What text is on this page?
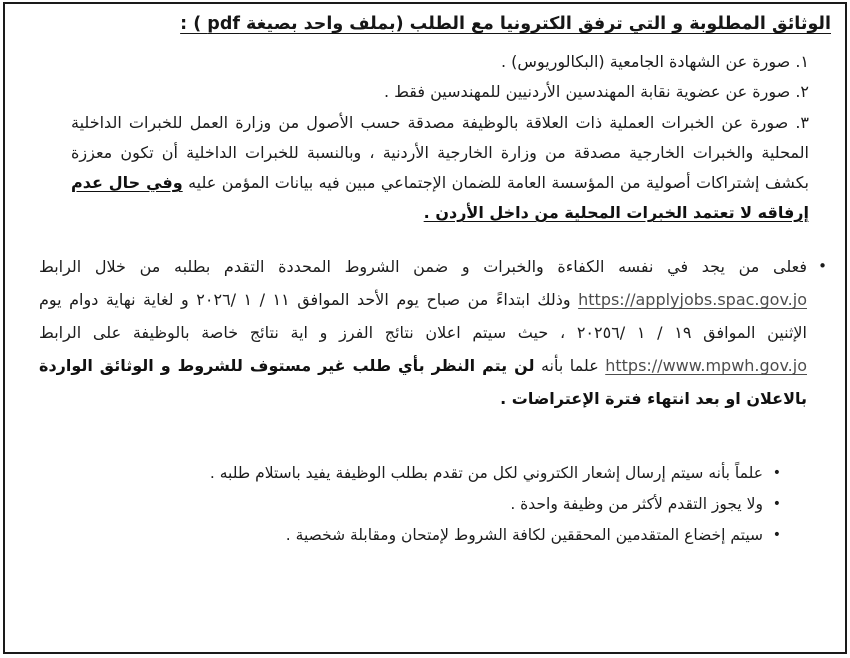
الوثائق المطلوبة و التي ترفق الكترونيا مع الطلب (بملف واحد بصيغة pdf ) :
١. صورة عن الشهادة الجامعية (البكالوريوس) .
٢. صورة عن عضوية نقابة المهندسين الأردنيين للمهندسين فقط .
٣. صورة عن الخبرات العملية ذات العلاقة بالوظيفة مصدقة حسب الأصول من وزارة العمل للخبرات الداخلية المحلية والخبرات الخارجية مصدقة من وزارة الخارجية الأردنية ، وبالنسبة للخبرات الداخلية أن تكون معززة بكشف إشتراكات أصولية من المؤسسة العامة للضمان الإجتماعي مبين فيه بيانات المؤمن عليه وفي حال عدم إرفاقه لا تعتمد الخبرات المحلية من داخل الأردن .
•
فعلى من يجد في نفسه الكفاءة والخبرات و ضمن الشروط المحددة التقدم بطلبه من خلال الرابط https://applyjobs.spac.gov.jo وذلك ابتداءً من صباح يوم الأحد الموافق ١١ / ١ /٢٠٢٦ و لغاية نهاية دوام يوم الإثنين الموافق ١٩ / ١ /٢٠٢٥٦ ، حيث سيتم اعلان نتائج الفرز و اية نتائج خاصة بالوظيفة على الرابط https://www.mpwh.gov.jo علما بأنه لن يتم النظر بأي طلب غير مستوف للشروط و الوثائق الواردة بالاعلان او بعد انتهاء فترة الإعتراضات .
•
علماً بأنه سيتم إرسال إشعار الكتروني لكل من تقدم بطلب الوظيفة يفيد باستلام طلبه .
•
ولا يجوز التقدم لأكثر من وظيفة واحدة .
•
سيتم إخضاع المتقدمين المحققين لكافة الشروط لإمتحان ومقابلة شخصية .
